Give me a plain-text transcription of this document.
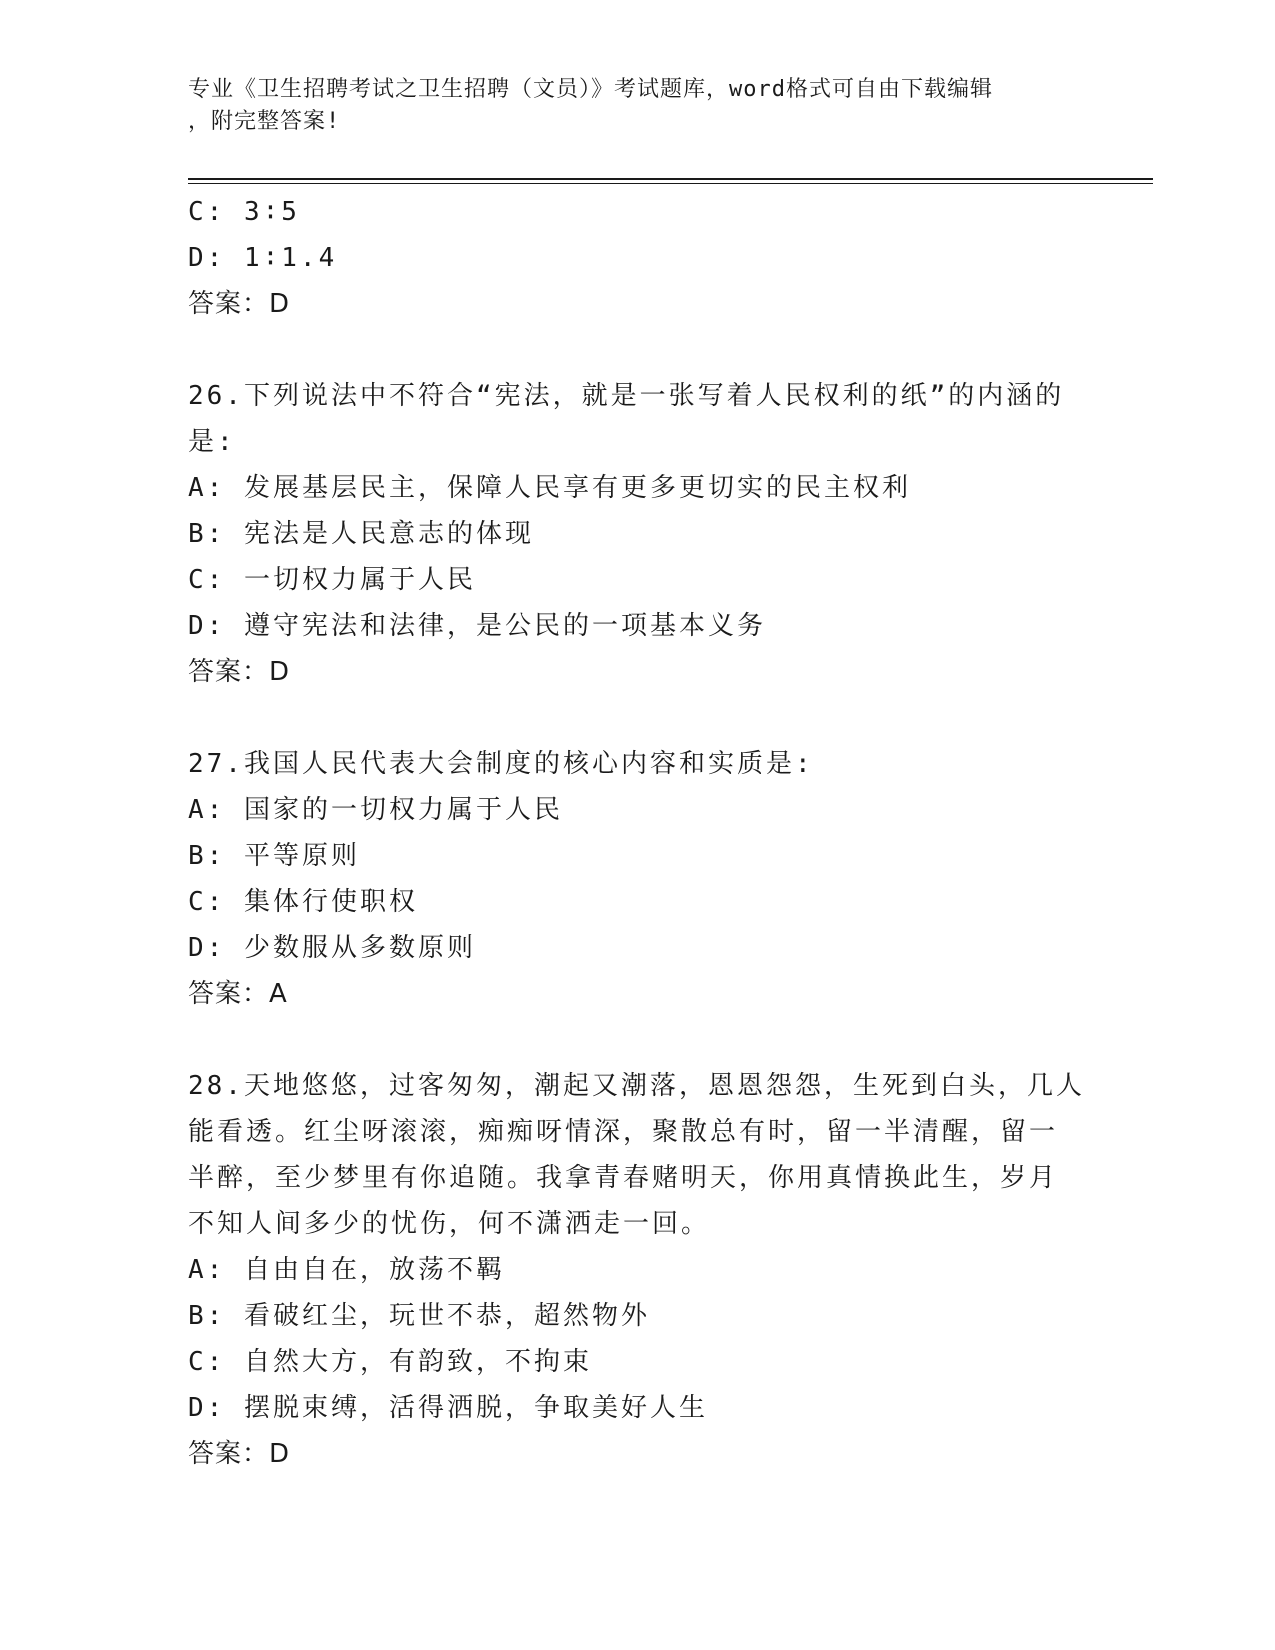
专业《卫生招聘考试之卫生招聘（文员）》考试题库，word格式可自由下载编辑
，附完整答案!
C: 3∶5
D: 1∶1.4
答案：D
26.下列说法中不符合“宪法，就是一张写着人民权利的纸”的内涵的
是:
A: 发展基层民主，保障人民享有更多更切实的民主权利
B: 宪法是人民意志的体现
C: 一切权力属于人民
D: 遵守宪法和法律，是公民的一项基本义务
答案：D
27.我国人民代表大会制度的核心内容和实质是:
A: 国家的一切权力属于人民
B: 平等原则
C: 集体行使职权
D: 少数服从多数原则
答案：A
28.天地悠悠，过客匆匆，潮起又潮落，恩恩怨怨，生死到白头，几人
能看透。红尘呀滚滚，痴痴呀情深，聚散总有时，留一半清醒，留一
半醉，至少梦里有你追随。我拿青春赌明天，你用真情换此生，岁月
不知人间多少的忧伤，何不潇洒走一回。
A: 自由自在，放荡不羁
B: 看破红尘，玩世不恭，超然物外
C: 自然大方，有韵致，不拘束
D: 摆脱束缚，活得洒脱，争取美好人生
答案：D
